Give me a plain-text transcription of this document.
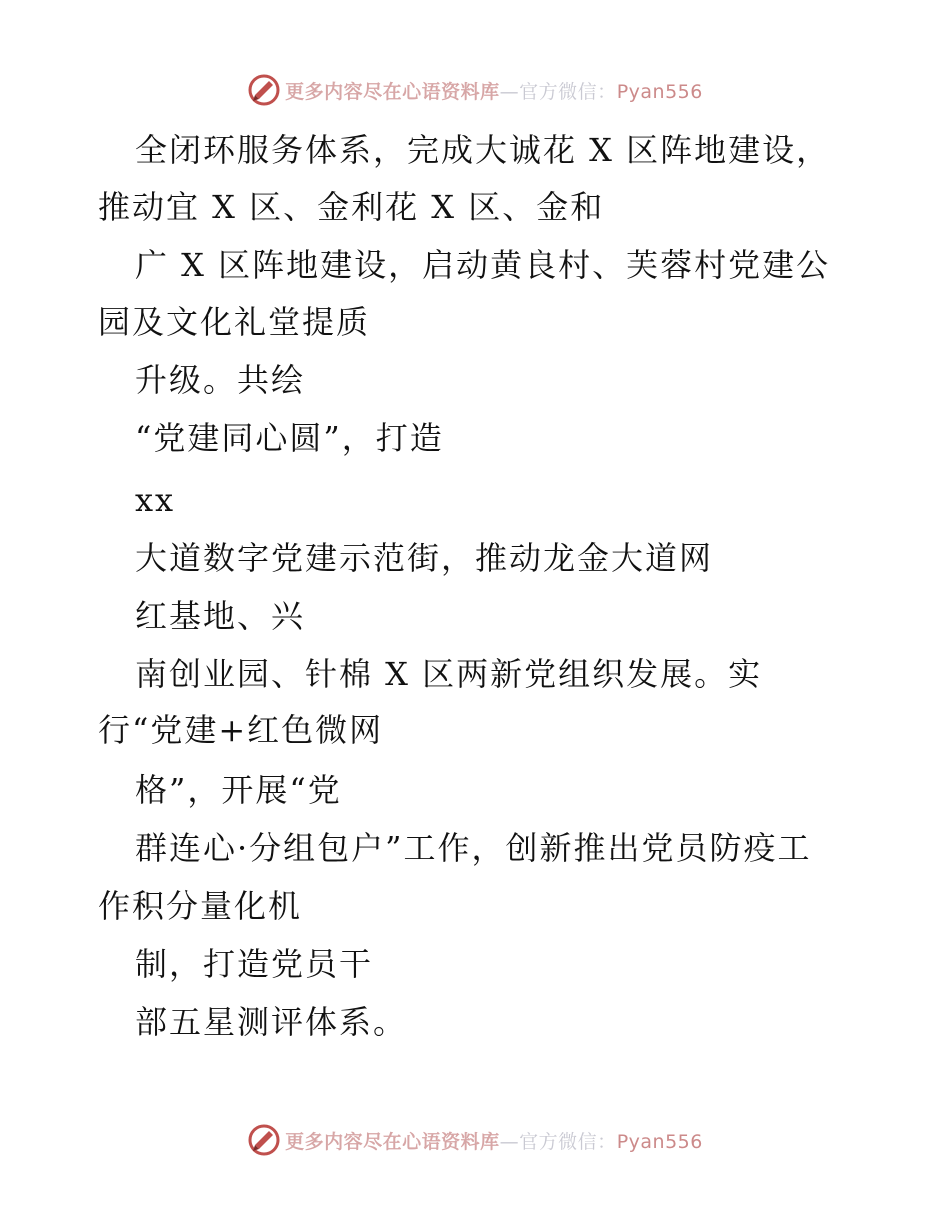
更多内容尽在心语资料库—官方微信：Pyan556
全闭环服务体系，完成大诚花 X 区阵地建设，
推动宜 X 区、金利花 X 区、金和
广 X 区阵地建设，启动黄良村、芙蓉村党建公
园及文化礼堂提质
升级。共绘
“党建同心圆”，打造
xx
大道数字党建示范街，推动龙金大道网
红基地、兴
南创业园、针棉 X 区两新党组织发展。实
行“党建+红色微网
格”，开展“党
群连心·分组包户”工作，创新推出党员防疫工
作积分量化机
制，打造党员干
部五星测评体系。
更多内容尽在心语资料库—官方微信：Pyan556
